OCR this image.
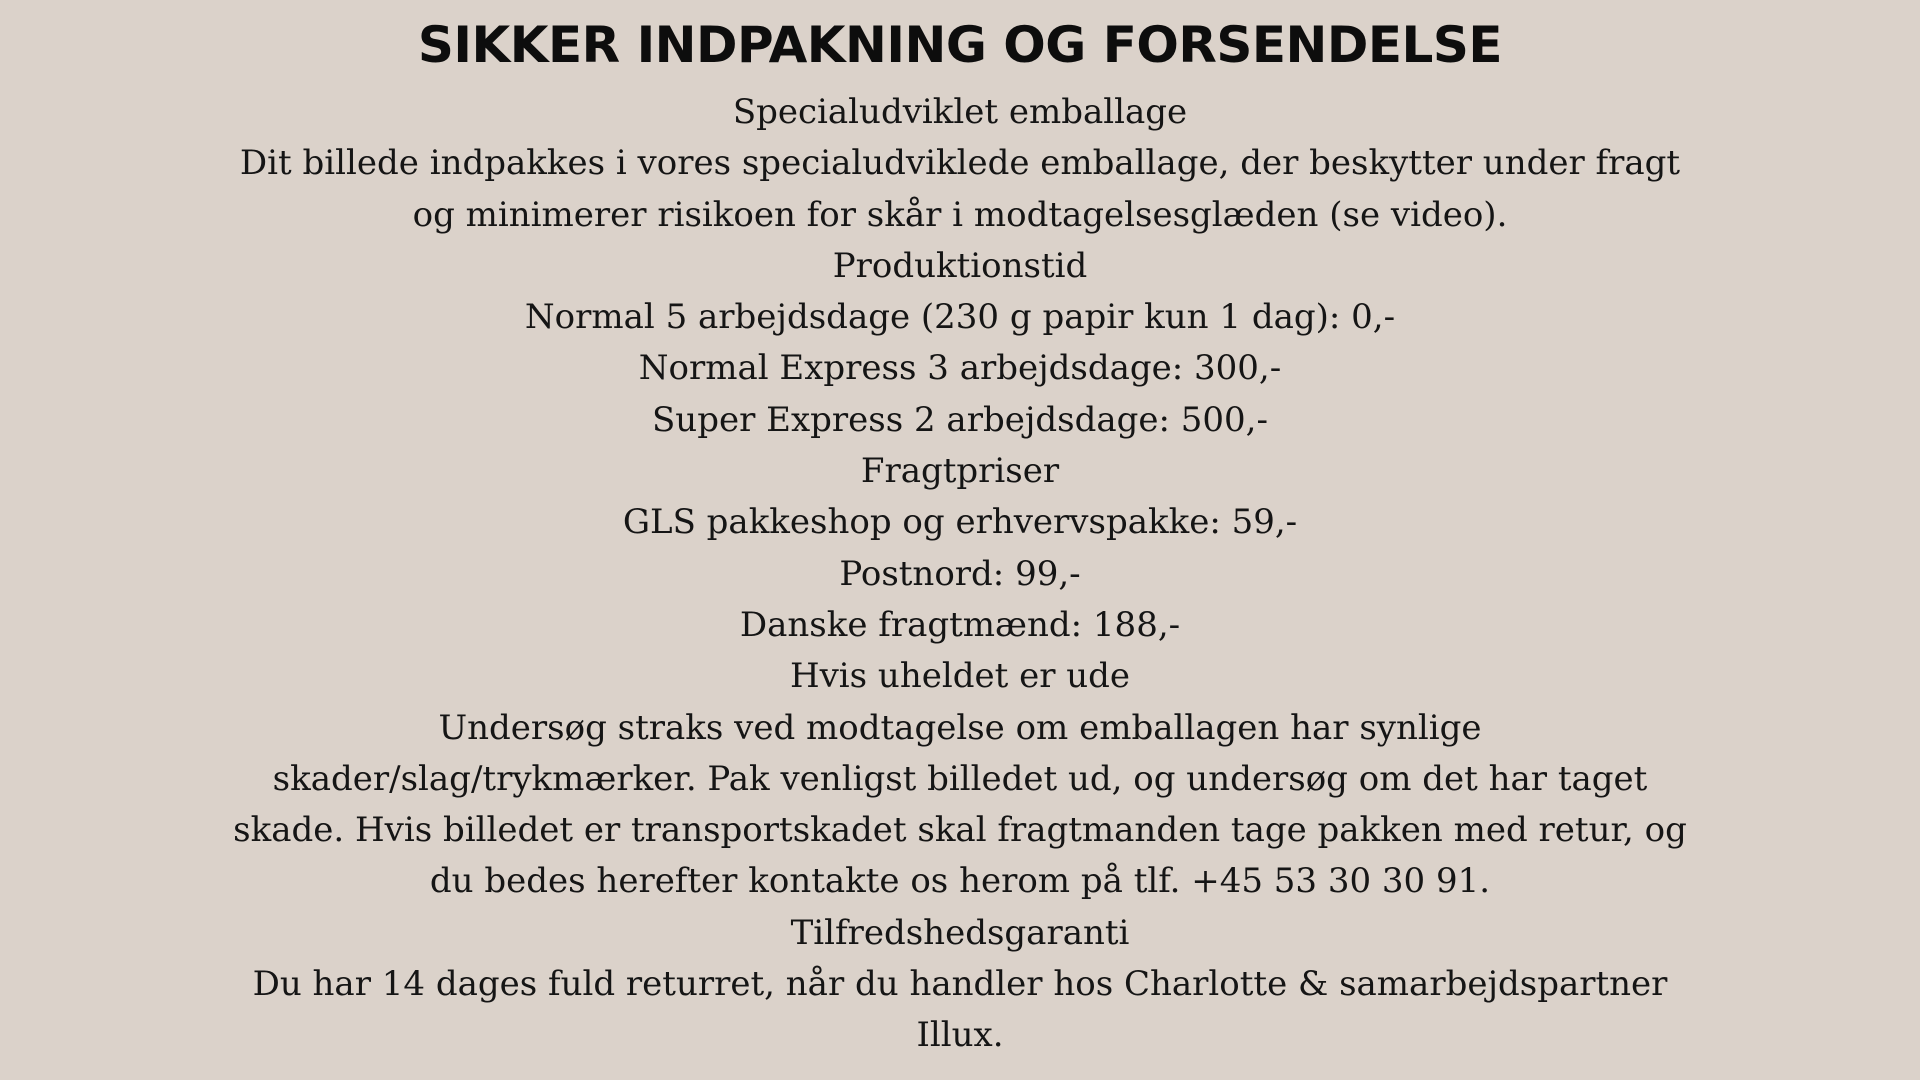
SIKKER INDPAKNING OG FORSENDELSE
Specialudviklet emballage
Dit billede indpakkes i vores specialudviklede emballage, der beskytter under fragt
og minimerer risikoen for skår i modtagelsesglæden (se video).
Produktionstid
Normal 5 arbejdsdage (230 g papir kun 1 dag): 0,-
Normal Express 3 arbejdsdage: 300,-
Super Express 2 arbejdsdage: 500,-
Fragtpriser
GLS pakkeshop og erhvervspakke: 59,-
Postnord: 99,-
Danske fragtmænd: 188,-
Hvis uheldet er ude
Undersøg straks ved modtagelse om emballagen har synlige
skader/slag/trykmærker. Pak venligst billedet ud, og undersøg om det har taget
skade. Hvis billedet er transportskadet skal fragtmanden tage pakken med retur, og
du bedes herefter kontakte os herom på tlf. +45 53 30 30 91.
Tilfredshedsgaranti
Du har 14 dages fuld returret, når du handler hos Charlotte & samarbejdspartner
Illux.
